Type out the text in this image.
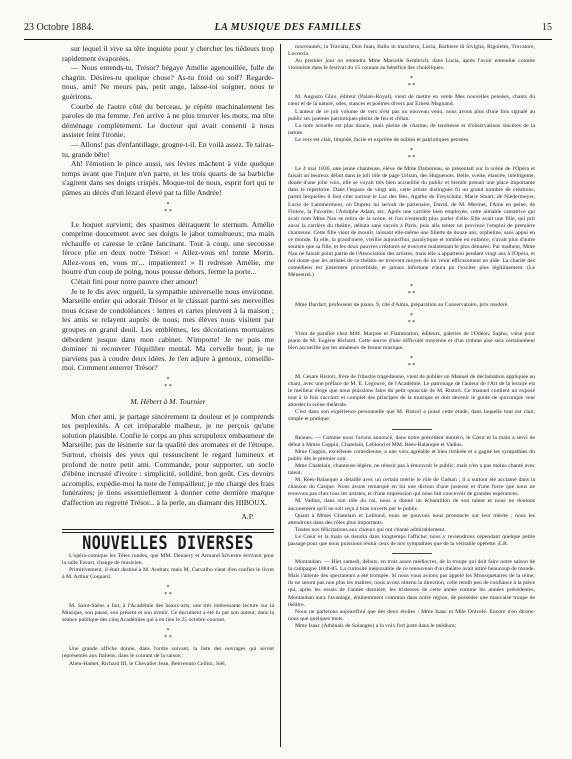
23 Octobre 1884.	LA MUSIQUE DES FAMILLES	15

sur lequel il vive sa tête inquiète pour y chercher les tièdeurs trop rapidement évaporées.

— Nous entends-tu, Trésor? bégaye Amélie agenouillée, folle de chagrin. Désires-tu quelque chose? As-tu froid ou soif? Regarde-nous, ami! Ne meurs pas, petit ange, laisse-toi soigner, nous te guérirons.

Courbé de l'autre côté du berceau, je répète machinalement les paroles de ma femme. J'en arrive à ne plus trouver les mots; ma tête déménage complètement. Le docteur qui avait consenti à nous assister feint l'ironie.

— Allons! pas d'enfantillage, grogne-t-il. En voilà assez. Te tairas-tu, grande bête!

Ah! l'émotion le pince aussi, ses lèvres mâchent à vide quelque temps avant que l'injure n'en parte, et les trois quarts de sa barbiche s'agitent dans ses doigts crispés. Moque-toi de nous, esprit fort qui te pâmes au décès d'un lézard élevé par ta fille Andrée!

*
* *

Le hoquet survient; des spasmes détraquent le sternum. Amélie comprime doucement avec ses doigts le jabot tumultueux; ma main réchauffe et caresse le crâne lancinant. Tout à coup, une secousse féroce plie en deux notre Trésor: « Allez-vous en! tonne Morin. Allez-vous en, vous m'... impatientez! » Il redresse Amélie, me bourre d'un coup de poing, nous pousse dehors, ferme la porte...

C'était fini pour notre pauvre cher amour!

Je te le dis avec orgueil, la sympathie universelle nous environne. Marseille entier qui adorait Trésor et le classait parmi ses merveilles nous écrase de condoléances : lettres et cartes pleuvent à la maison ; les amis se relayent auprès de nous; mes élèves nous visitent par groupes en grand deuil. Les emblèmes, les décorations mortuaires débordent jusque dans mon cabinet. N'importe! Je ne puis me dominer ni recouvrer l'équilibre mental. Ma cervelle bout; je ne parviens pas à coudre deux idées. Je t'en adjure à genoux, conseille-moi. Comment enterrer Trésor?

*
* *
M. Hébert à M. Tournier

Mon cher ami, je partage sincèrement ta douleur et je comprends tes perplexités. A cet irréparable malheur, je ne perçois qu'une solution plausible. Confie le corps au plus scrupuleux embaumeur de Marseille; pas de lésinerie sur la qualité des aromates et de l'étoupe. Surtout, choisis des yeux qui ressuscitent le regard lumineux et profond de notre petit ami. Commande, pour supporter, un socle d'ébène incrusté d'ivoire : simplicité, solidité, bon goût. Ces devoirs accomplis, expédie-moi la note de l'empailleur, je me charge des frais funéraires; je tiens essentiellement à donner cette dernière marque d'affection au regretté Trésor... à la perle, au diamant des HIBOUX.

A.P.
NOUVELLES DIVERSES

L'opéra-comique les Têtes rondes, que MM. Dennery et Armand Silvestre écrivent pour la salle Favart, change de musicien.

Primitivement, il était destiné à M. Audran; mais M. Carvalho vient d'en confier le livret à M. Arthur Coquard.

*
* *

M. Saint-Saëns a fait, à l'Académie des beaux-arts, une très intéressante lecture sur la Musique, son passé, son présent et son avenir. Ce document a été lu par son auteur, dans la séance publique des cinq Académies qui a eu lieu le 25 octobre courant.

*
* *

Une grande affiche donne, dans l'ordre suivant, la liste des ouvrages qui seront représentés aux Italiens, dans le courant de la saison :

Aben-Hamet, Richard III, le Chevalier Jean, Benvenuto Cellini, Joël,

nouveautés; la Traviata, Don Juan, Ballo in maschera, Lucia, Barbiere di Siviglia, Rigoletto, Trovatore, Lucrezia.

Au premier jour on entendra Mme Marcelle Sembrich, dans Lucia, après l'avoir entendue comme violoniste dans le festival du 15 courant au bénéfice des cholériques.

*
* *

M. Augusto Ghio, éditeur (Palais-Royal), vient de mettre en vente Mes nouvelles pensées, chants du cœur et de la nature, odes, stances et poèmes divers par Ernest Magnand.

L'auteur de ce joli volume de vers n'est pas un nouveau venu, nous avons plus d'une fois signalé au public ses poèmes patriotiques pleins de feu et d'élan.

La note actuelle est plus douce, mais pleine de charme, de tendresse et d'observations sincères de la nature.

Le vers est clair, limpide, facile et exprime de nobles et patriotiques pensées.

*
* *

Le 4 mai 1836, une jeune chanteuse, élève de Mme Damoreau, se présentait sur la scène de l'Opéra et faisait un heureux début dans le joli rôle de page Urbain, des Huguenots. Belle, svelte, élancée, intelligente, douée d'une jolie voix, elle se voyait très bien accueillie du public et bientôt prenait une place importante dans le répertoire. Dans l'espace de vingt ans, cette artiste distinguée fit un grand nombre de créations, parmi lesquelles il faut citer surtout le Lac des fées, Agathe du Freyschütz, Marie Stuart, de Niedermeyer, Lucie de Lammermoor, où Duprez lui servait de partenaire, David, de M. Mermet, l'Ame en peine, de Flotow, la Favorite, l'Adolphe Adam, etc. Après une carrière bien employée, cette aimable cantatrice qui avait nom Mme Nau se retira de la scène, et l'on n'entendit plus parler d'elle. Elle avait une fille, qui prit aussi la carrière du théâtre, débuta sans succès à Paris, puis alla tenter un province l'emploi de première chanteuse. Cette fille vient de mourir, laissant elle-même une fillette de douze ans, orpheline, sans appui en ce monde. Et elle, la grand'mère, vieillie aujourd'hui, paralytique et tombée en enfance, n'avait plus d'autre soutien que sa fille, et les deux pauvres créatures se trouvent maintenant le plus dénuées. Par malheur, Mme Nau ne faisait point partie de l'Association des artistes; mais elle a appartenu pendant vingt ans à l'Opéra, et nul doute que les artistes de ce théâtre ne trouvent moyen de lui venir efficacement en aide. La charité des comédiens est justement proverbiale, et jamais infortune n'aura pu l'exciter plus légitimement. (Le Ménestrel.)

*
* *

Mme Dardart, professeur de piano, 9, cité d'Alma, préparation au Conservatoire, prix modéré.

*
* *

Vient de paraître chez MM. Marpon et Flammarion, éditeurs, galeries de l'Odéon, Sapho, valse pour piano de M. Eugène Richard. Cette œuvre d'une difficulté moyenne et d'un rythme aisé sera certainement bien accueillie par les amateurs de bonne musique.

*
* *

M. Cesare Ristori, frère de l'illustre tragédienne, vient de publier un Manuel de déclamation appliquée au chant, avec une préface de M. E. Legouvé, de l'Académie. Le patronage de l'auteur de l'Art de la lecture est le meilleur éloge que nous puissions faire du petit opuscule de M. Ristori. Ce manuel contient un exposé tout à la fois succinct et complet des principes de la musique et doit devenir le guide de quiconque veut aborder la scène théâtrale.

C'est dans son expérience personnelle que M. Ristori a puisé cette étude, dans laquelle tout est clair, simple et pratique.

Rennes. — Comme nous l'avons annoncé, dans notre précédent numéro, le Cœur et la main a servi de début à Mmes Coppin, Chatelain, Leblond et MM. Rèes-Balanque et Vadius.

Mme Coppin, excellente comédienne, a une voix agréable et bien timbrée et a gagné les sympathies du public dès le premier soir.

Mme Chatelain, chanteuse légère, ne réussit pas à émouvoir le public, mais n'en a pas moins chanté avec talent.

M. Rèes-Balanque a détaillé avec un certain mérite le rôle de Gaëtan ; il a surtout été acclamé dans la chanson du Casque. Nous avons remarqué en lui une diction d'une justesse et d'une force que nous ne trouvons pas chez tous les artistes, et d'une impression qui nous fait concevoir de grandes espérances.

M. Vadius, dans son rôle du roi, nous a donné un échantillon de son talent et nous ne doutons aucunement qu'il ne soit reçu à bras ouverts par le public.

Quant à Mmes Chatelain et Leblond, nous ne pouvons nous prononcer sur leur mérite ; nous les attendrons dans des rôles plus importants.

Toutes nos félicitations aux chœurs qui ont chanté admirablement.

Le Cœur et la main se tiendra dans longtemps l'affiche; nous y reviendrons cependant quelque petite passage pour que nous puissions réunir ceux de nos sympathies que de la véritable opérette. E.R.

Montauban. — Hier samedi, débuts, en trois assez médiocres, de la troupe qui doit faire notre saison de la campagne 1884-85. La curiosité inépuisable de ce renouveau d'un théâtre avait attiré beaucoup de monde. Mais l'attente des spectateurs a été trompée. Si nous vous avions pas appelé les Mousquetaires de la reine; ils ne seront pas non plus les maîtres; nous avons obtenu la direction, celle rendit peu de confiance à la pièce qui, après les essais de l'année dernière; les tristesses de cette année comme les années précédentes, Montauban aura l'avantage, éminemment commun dans notre région, de posséder une mauvaise troupe de théâtre.

Nous ne parlerons aujourd'hui que des deux étoiles : Mme Isaac et Mlle Onivelé. Encore n'en dirons-nous que quelques mots.

Mme Isaac (Athénaïs de Solanges) a la voix fort juste dans le médium;
